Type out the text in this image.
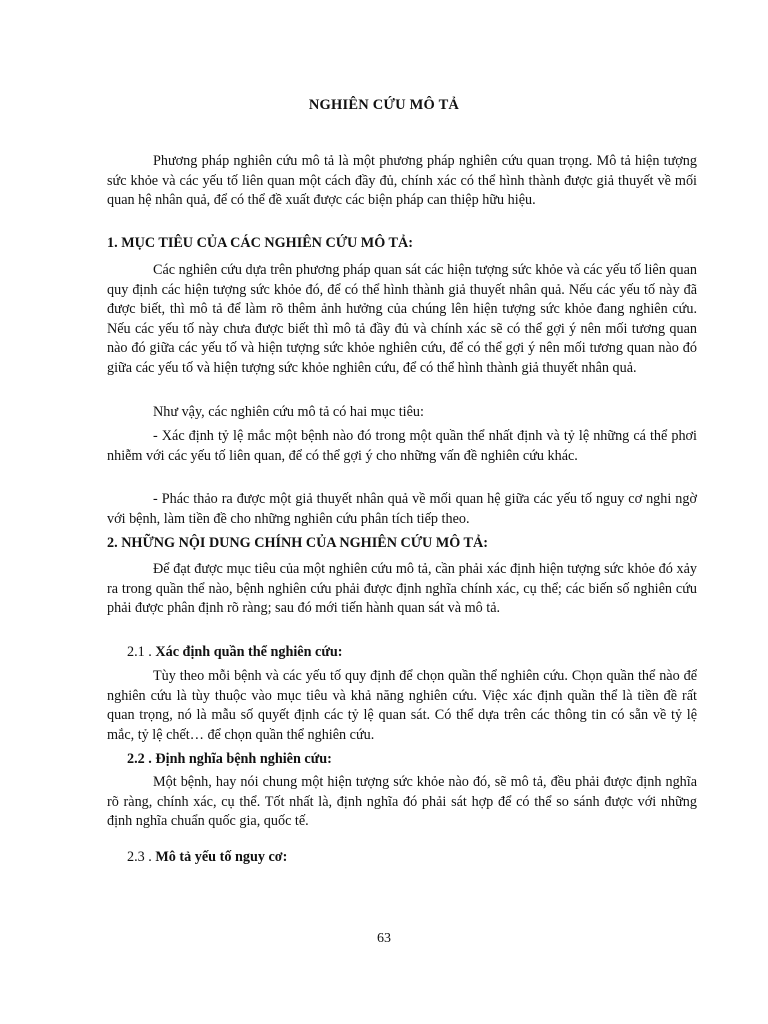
NGHIÊN CỨU MÔ TẢ
Phương pháp nghiên cứu mô tả là một phương pháp nghiên cứu quan trọng. Mô tả hiện tượng sức khỏe và các yếu tố liên quan một cách đầy đủ, chính xác có thể hình thành được giả thuyết về mối quan hệ nhân quả, để có thể đề xuất được các biện pháp can thiệp hữu hiệu.
1. MỤC TIÊU CỦA CÁC NGHIÊN CỨU MÔ TẢ:
Các nghiên cứu dựa trên phương pháp quan sát các hiện tượng sức khỏe và các yếu tố liên quan quy định các hiện tượng sức khỏe đó, để có thể hình thành giả thuyết nhân quả. Nếu các yếu tố này đã được biết, thì mô tả để làm rõ thêm ảnh hưởng của chúng lên hiện tượng sức khỏe đang nghiên cứu. Nếu các yếu tố này chưa được biết thì mô tả đầy đủ và chính xác sẽ có thể gợi ý nên mối tương quan nào đó giữa các yếu tố và hiện tượng sức khỏe nghiên cứu, để có thể gợi ý nên mối tương quan nào đó giữa các yếu tố và hiện tượng sức khỏe nghiên cứu, để có thể hình thành giả thuyết nhân quả.
Như vậy, các nghiên cứu mô tả có hai mục tiêu:
- Xác định tỷ lệ mắc một bệnh nào đó trong một quần thể nhất định và tỷ lệ những cá thể phơi nhiễm với các yếu tố liên quan, để có thể gợi ý cho những vấn đề nghiên cứu khác.
- Phác thảo ra được một giả thuyết nhân quả về mối quan hệ giữa các yếu tố nguy cơ nghi ngờ với bệnh, làm tiền đề cho những nghiên cứu phân tích tiếp theo.
2. NHỮNG NỘI DUNG CHÍNH CỦA NGHIÊN CỨU MÔ TẢ:
Để đạt được mục tiêu của một nghiên cứu mô tả, cần phải xác định hiện tượng sức khỏe đó xảy ra trong quần thể nào, bệnh nghiên cứu phải được định nghĩa chính xác, cụ thể; các biến số nghiên cứu phải được phân định rõ ràng; sau đó mới tiến hành quan sát và mô tả.
2.1 . Xác định quần thể nghiên cứu:
Tùy theo mỗi bệnh và các yếu tố quy định để chọn quần thể nghiên cứu. Chọn quần thể nào để nghiên cứu là tùy thuộc vào mục tiêu và khả năng nghiên cứu. Việc xác định quần thể là tiền đề rất quan trọng, nó là mẫu số quyết định các tỷ lệ quan sát. Có thể dựa trên các thông tin có sẵn về tỷ lệ mắc, tỷ lệ chết… để chọn quần thể nghiên cứu.
2.2 . Định nghĩa bệnh nghiên cứu:
Một bệnh, hay nói chung một hiện tượng sức khỏe nào đó, sẽ mô tả, đều phải được định nghĩa rõ ràng, chính xác, cụ thể. Tốt nhất là, định nghĩa đó phải sát hợp để có thể so sánh được với những định nghĩa chuẩn quốc gia, quốc tế.
2.3 . Mô tả yếu tố nguy cơ:
63
